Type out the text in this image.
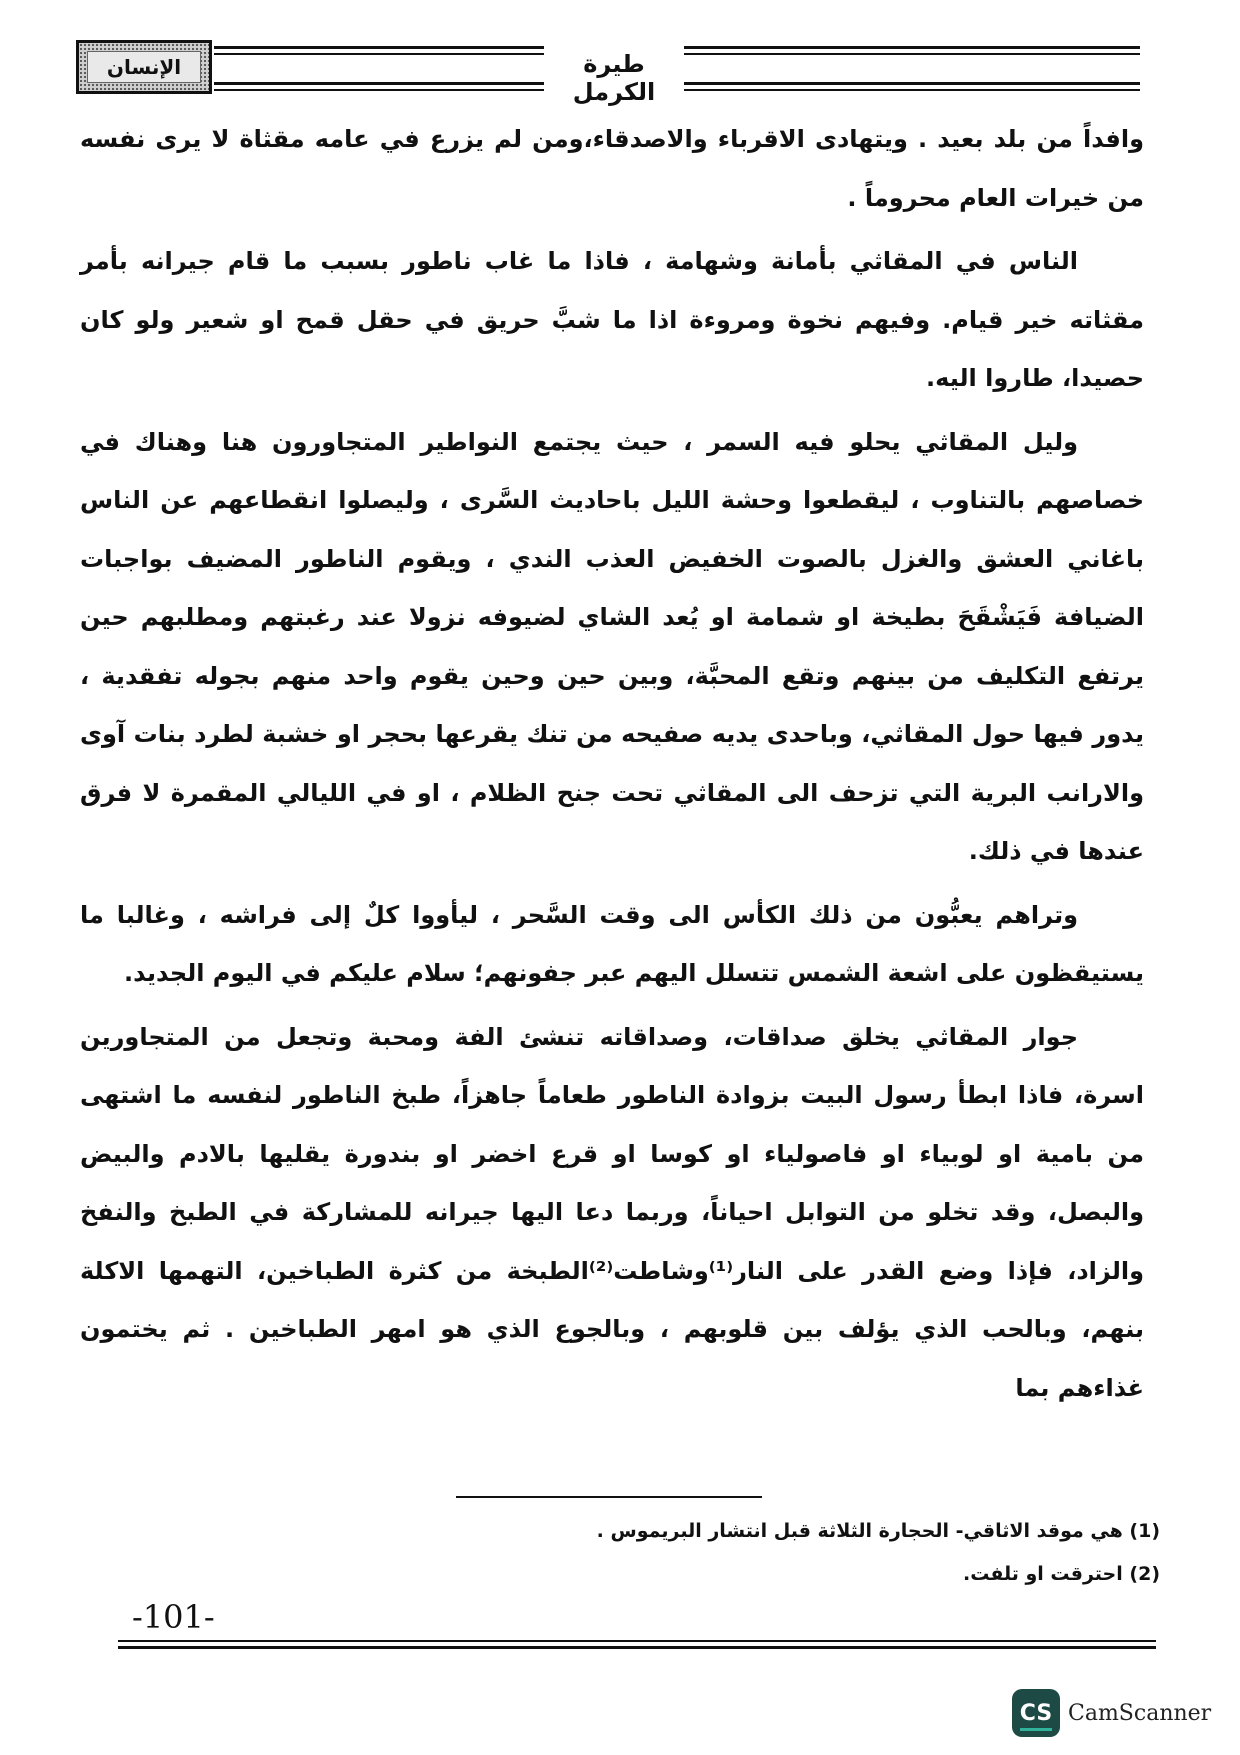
طيرة الكرمل
الإنسان

وافداً من بلد بعيد . ويتهادى الاقرباء والاصدقاء،ومن لم يزرع في عامه مقثاة لا يرى نفسه من خيرات العام محروماً .

الناس في المقاثي بأمانة وشهامة ، فاذا ما غاب ناطور بسبب ما قام جيرانه بأمر مقثاته خير قيام. وفيهم نخوة ومروءة اذا ما شبَّ حريق في حقل قمح او شعير ولو كان حصيدا، طاروا اليه.

وليل المقاثي يحلو فيه السمر ، حيث يجتمع النواطير المتجاورون هنا وهناك في خصاصهم بالتناوب ، ليقطعوا وحشة الليل باحاديث السَّرى ، وليصلوا انقطاعهم عن الناس باغاني العشق والغزل بالصوت الخفيض العذب الندي ، ويقوم الناطور المضيف بواجبات الضيافة فَيَشْقَحَ بطيخة او شمامة او يُعد الشاي لضيوفه نزولا عند رغبتهم ومطلبهم حين يرتفع التكليف من بينهم وتقع المحبَّة، وبين حين وحين يقوم واحد منهم بجوله تفقدية ، يدور فيها حول المقاثي، وباحدى يديه صفيحه من تنك يقرعها بحجر او خشبة لطرد بنات آوى والارانب البرية التي تزحف الى المقاثي تحت جنح الظلام ، او في الليالي المقمرة لا فرق عندها في ذلك.

وتراهم يعبُّون من ذلك الكأس الى وقت السَّحر ، ليأووا كلٌ إلى فراشه ، وغالبا ما يستيقظون على اشعة الشمس تتسلل اليهم عبر جفونهم؛ سلام عليكم في اليوم الجديد.

جوار المقاثي يخلق صداقات، وصداقاته تنشئ الفة ومحبة وتجعل من المتجاورين اسرة، فاذا ابطأ رسول البيت بزوادة الناطور طعاماً جاهزاً، طبخ الناطور لنفسه ما اشتهى من بامية او لوبياء او فاصولياء او كوسا او قرع اخضر او بندورة يقليها بالادم والبيض والبصل، وقد تخلو من التوابل احياناً، وربما دعا اليها جيرانه للمشاركة في الطبخ والنفخ والزاد، فإذا وضع القدر على النار⁽¹⁾وشاطت⁽²⁾الطبخة من كثرة الطباخين، التهمها الاكلة بنهم، وبالحب الذي يؤلف بين قلوبهم ، وبالجوع الذي هو امهر الطباخين . ثم يختمون غذاءهم بما

(1) هي موقد الاثاقي- الحجارة الثلاثة قبل انتشار البريموس .

(2) احترقت او تلفت.

-101-
CS CamScanner
